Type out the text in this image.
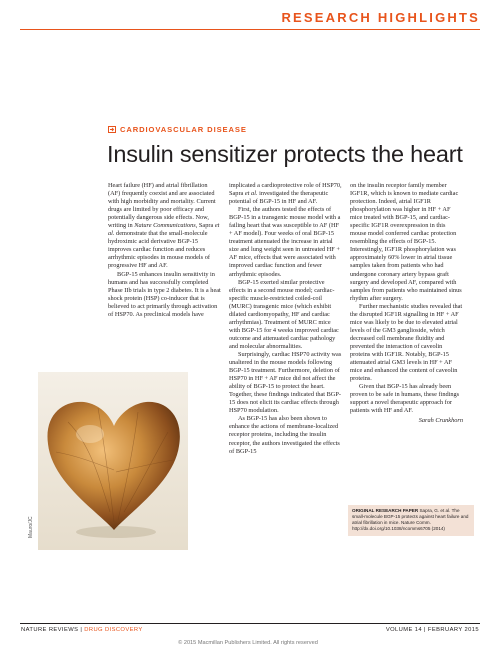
RESEARCH HIGHLIGHTS
CARDIOVASCULAR DISEASE
Insulin sensitizer protects the heart

Heart failure (HF) and atrial fibrillation (AF) frequently coexist and are associated with high morbidity and mortality. Current drugs are limited by poor efficacy and potentially dangerous side effects. Now, writing in Nature Communications, Sapra et al. demonstrate that the small-molecule hydroximic acid derivative BGP-15 improves cardiac function and reduces arrhythmic episodes in mouse models of progressive HF and AF.

BGP-15 enhances insulin sensitivity in humans and has successfully completed Phase IIb trials in type 2 diabetes. It is a heat shock protein (HSP) co-inducer that is believed to act primarily through activation of HSP70. As preclinical models have

implicated a cardioprotective role of HSP70, Sapra et al. investigated the therapeutic potential of BGP-15 in HF and AF.

First, the authors tested the effects of BGP-15 in a transgenic mouse model with a failing heart that was susceptible to AF (HF + AF model). Four weeks of oral BGP-15 treatment attenuated the increase in atrial size and lung weight seen in untreated HF + AF mice, effects that were associated with improved cardiac function and fewer arrhythmic episodes.

BGP-15 exerted similar protective effects in a second mouse model; cardiac-specific muscle-restricted coiled-coil (MURC) transgenic mice (which exhibit dilated cardiomyopathy, HF and cardiac arrhythmias). Treatment of MURC mice with BGP-15 for 4 weeks improved cardiac outcome and attenuated cardiac pathology and molecular abnormalities.

Surprisingly, cardiac HSP70 activity was unaltered in the mouse models following BGP-15 treatment. Furthermore, deletion of HSP70 in HF + AF mice did not affect the ability of BGP-15 to protect the heart. Together, these findings indicated that BGP-15 does not elicit its cardiac effects through HSP70 modulation.

As BGP-15 has also been shown to enhance the actions of membrane-localized receptor proteins, including the insulin receptor, the authors investigated the effects of BGP-15

on the insulin receptor family member IGF1R, which is known to mediate cardiac protection. Indeed, atrial IGF1R phosphorylation was higher in HF + AF mice treated with BGP-15, and cardiac-specific IGF1R overexpression in this mouse model conferred cardiac protection resembling the effects of BGP-15. Interestingly, IGF1R phosphorylation was approximately 60% lower in atrial tissue samples taken from patients who had undergone coronary artery bypass graft surgery and developed AF, compared with samples from patients who maintained sinus rhythm after surgery.

Further mechanistic studies revealed that the disrupted IGF1R signalling in HF + AF mice was likely to be due to elevated atrial levels of the GM3 ganglioside, which decreased cell membrane fluidity and prevented the interaction of caveolin proteins with IGF1R. Notably, BGP-15 attenuated atrial GM3 levels in HF + AF mice and enhanced the content of caveolin proteins.

Given that BGP-15 has already been proven to be safe in humans, these findings support a novel therapeutic approach for patients with HF and AF.

Sarah Crunkhorn

Mauro/JC
ORIGINAL RESEARCH PAPER Sapra, G. et al. The small-molecule BGP-15 protects against heart failure and atrial fibrillation in mice. Nature Comm. http://dx.doi.org/10.1038/ncomms6705 (2014)
NATURE REVIEWS | DRUG DISCOVERY	VOLUME 14 | FEBRUARY 2015
© 2015 Macmillan Publishers Limited. All rights reserved
